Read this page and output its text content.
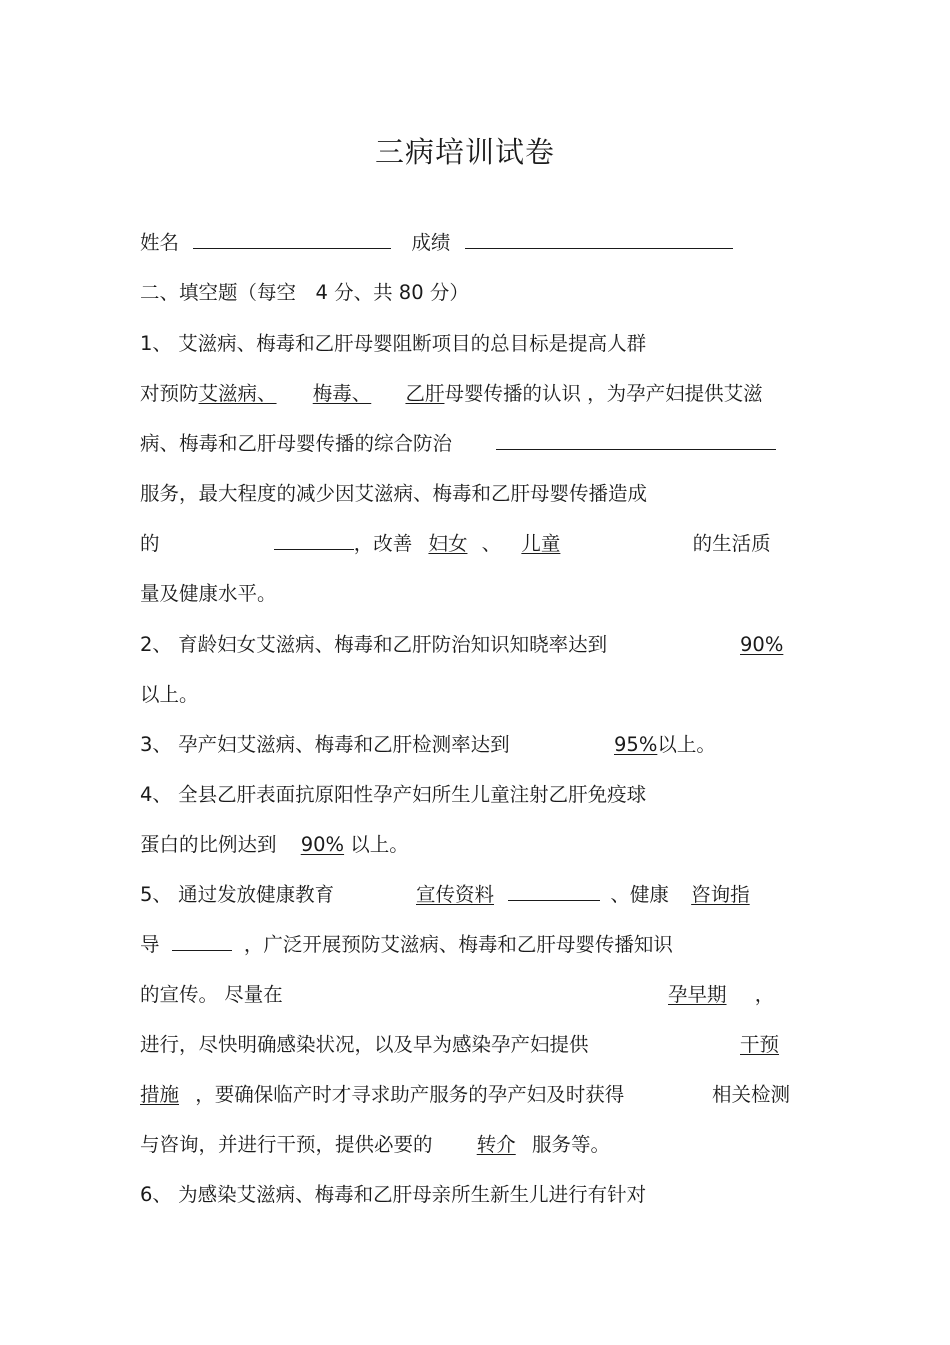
三病培训试卷
姓名	成绩
二、填空题（每空　4 分、共 80 分）
1、 艾滋病、梅毒和乙肝母婴阻断项目的总目标是提高人群
对预防艾滋病、 梅毒、 乙肝母婴传播的认识 ，为孕产妇提供艾滋
病、梅毒和乙肝母婴传播的综合防治
服务，最大程度的减少因艾滋病、梅毒和乙肝母婴传播造成
的	，改善 妇女 、 儿童	的生活质
量及健康水平。
2、 育龄妇女艾滋病、梅毒和乙肝防治知识知晓率达到	90%
以上。
3、 孕产妇艾滋病、梅毒和乙肝检测率达到	95%以上。
4、 全县乙肝表面抗原阳性孕产妇所生儿童注射乙肝免疫球
蛋白的比例达到 90% 以上。
5、 通过发放健康教育	宣传资料	、健康 咨询指
导	，广泛开展预防艾滋病、梅毒和乙肝母婴传播知识
的宣传。 尽量在	孕早期 ，
进行，尽快明确感染状况，以及早为感染孕产妇提供	干预
措施 ，要确保临产时才寻求助产服务的孕产妇及时获得	相关检测
与咨询，并进行干预，提供必要的 转介 服务等。
6、 为感染艾滋病、梅毒和乙肝母亲所生新生儿进行有针对
